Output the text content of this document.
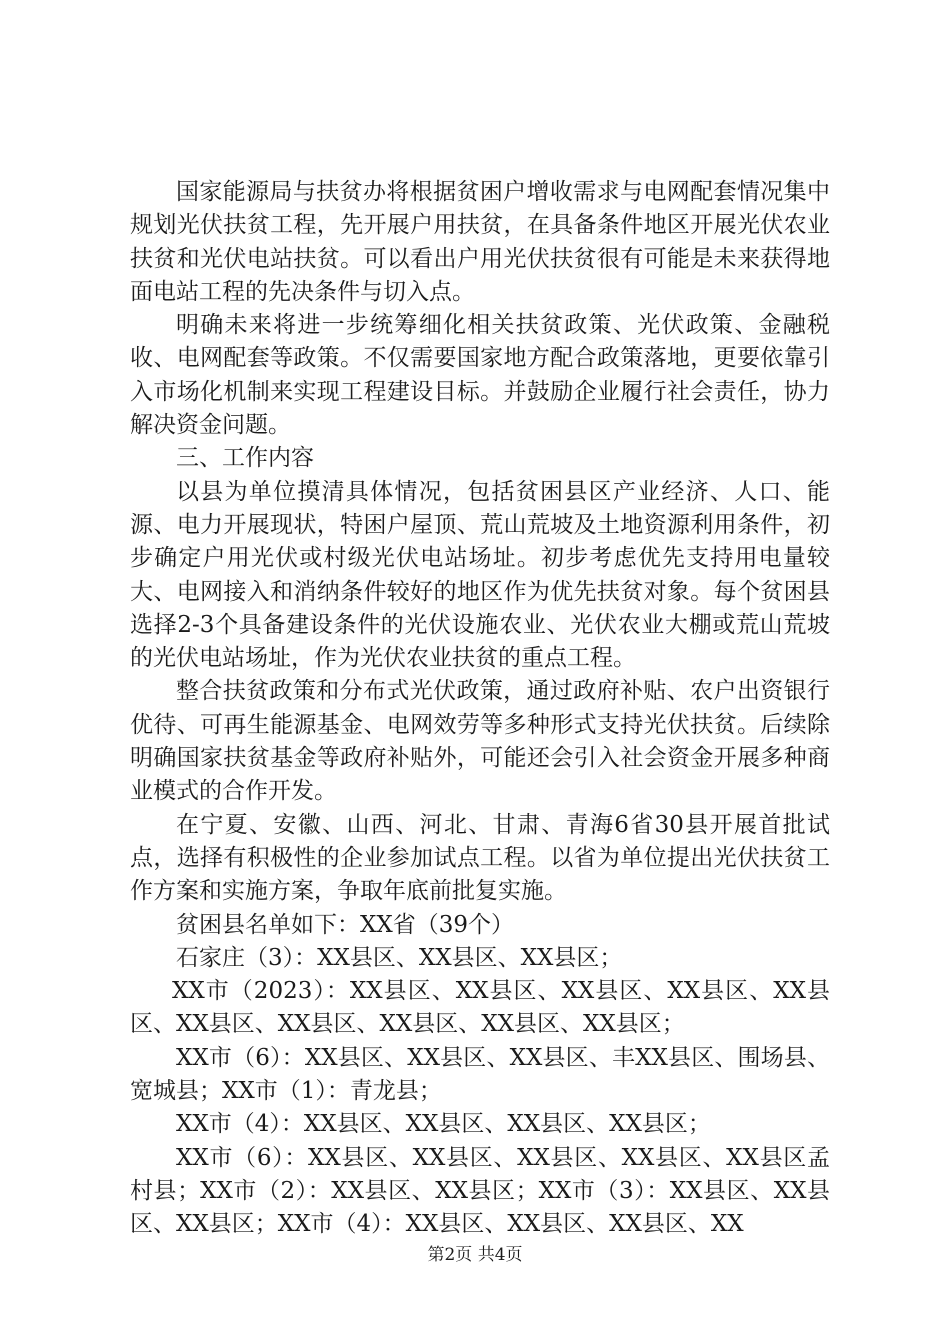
国家能源局与扶贫办将根据贫困户增收需求与电网配套情况集中规划光伏扶贫工程，先开展户用扶贫，在具备条件地区开展光伏农业扶贫和光伏电站扶贫。可以看出户用光伏扶贫很有可能是未来获得地面电站工程的先决条件与切入点。

明确未来将进一步统筹细化相关扶贫政策、光伏政策、金融税收、电网配套等政策。不仅需要国家地方配合政策落地，更要依靠引入市场化机制来实现工程建设目标。并鼓励企业履行社会责任，协力解决资金问题。

三、工作内容

以县为单位摸清具体情况，包括贫困县区产业经济、人口、能源、电力开展现状，特困户屋顶、荒山荒坡及土地资源利用条件，初步确定户用光伏或村级光伏电站场址。初步考虑优先支持用电量较大、电网接入和消纳条件较好的地区作为优先扶贫对象。每个贫困县选择2-3个具备建设条件的光伏设施农业、光伏农业大棚或荒山荒坡的光伏电站场址，作为光伏农业扶贫的重点工程。

整合扶贫政策和分布式光伏政策，通过政府补贴、农户出资银行优待、可再生能源基金、电网效劳等多种形式支持光伏扶贫。后续除明确国家扶贫基金等政府补贴外，可能还会引入社会资金开展多种商业模式的合作开发。

在宁夏、安徽、山西、河北、甘肃、青海6省30县开展首批试点，选择有积极性的企业参加试点工程。以省为单位提出光伏扶贫工作方案和实施方案，争取年底前批复实施。

贫困县名单如下：XX省（39个）

石家庄（3）：XX县区、XX县区、XX县区；

XX市（2023）：XX县区、XX县区、XX县区、XX县区、XX县区、XX县区、XX县区、XX县区、XX县区、XX县区；

XX市（6）：XX县区、XX县区、XX县区、丰XX县区、围场县、宽城县；XX市（1）：青龙县；

XX市（4）：XX县区、XX县区、XX县区、XX县区；

XX市（6）：XX县区、XX县区、XX县区、XX县区、XX县区孟村县；XX市（2）：XX县区、XX县区；XX市（3）：XX县区、XX县区、XX县区；XX市（4）：XX县区、XX县区、XX县区、XX

第2页 共4页
